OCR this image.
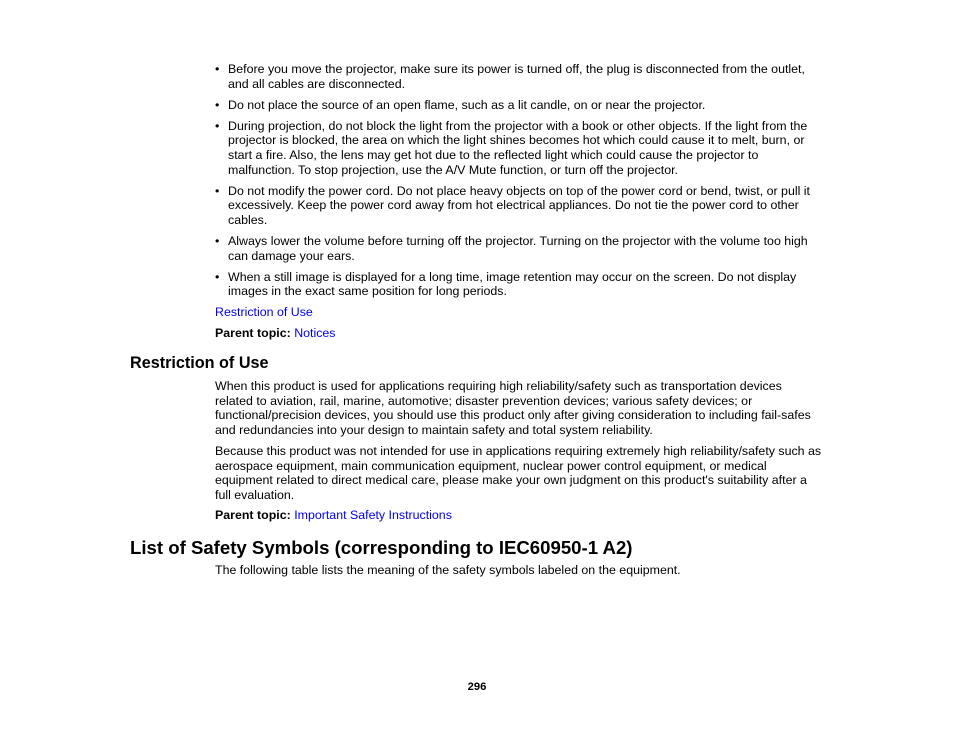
• Before you move the projector, make sure its power is turned off, the plug is disconnected from the outlet, and all cables are disconnected.
• Do not place the source of an open flame, such as a lit candle, on or near the projector.
• During projection, do not block the light from the projector with a book or other objects. If the light from the projector is blocked, the area on which the light shines becomes hot which could cause it to melt, burn, or start a fire. Also, the lens may get hot due to the reflected light which could cause the projector to malfunction. To stop projection, use the A/V Mute function, or turn off the projector.
• Do not modify the power cord. Do not place heavy objects on top of the power cord or bend, twist, or pull it excessively. Keep the power cord away from hot electrical appliances. Do not tie the power cord to other cables.
• Always lower the volume before turning off the projector. Turning on the projector with the volume too high can damage your ears.
• When a still image is displayed for a long time, image retention may occur on the screen. Do not display images in the exact same position for long periods.
Restriction of Use
Parent topic: Notices
Restriction of Use

When this product is used for applications requiring high reliability/safety such as transportation devices related to aviation, rail, marine, automotive; disaster prevention devices; various safety devices; or functional/precision devices, you should use this product only after giving consideration to including fail-safes and redundancies into your design to maintain safety and total system reliability.

Because this product was not intended for use in applications requiring extremely high reliability/safety such as aerospace equipment, main communication equipment, nuclear power control equipment, or medical equipment related to direct medical care, please make your own judgment on this product's suitability after a full evaluation.

Parent topic: Important Safety Instructions
List of Safety Symbols (corresponding to IEC60950-1 A2)

The following table lists the meaning of the safety symbols labeled on the equipment.

296
